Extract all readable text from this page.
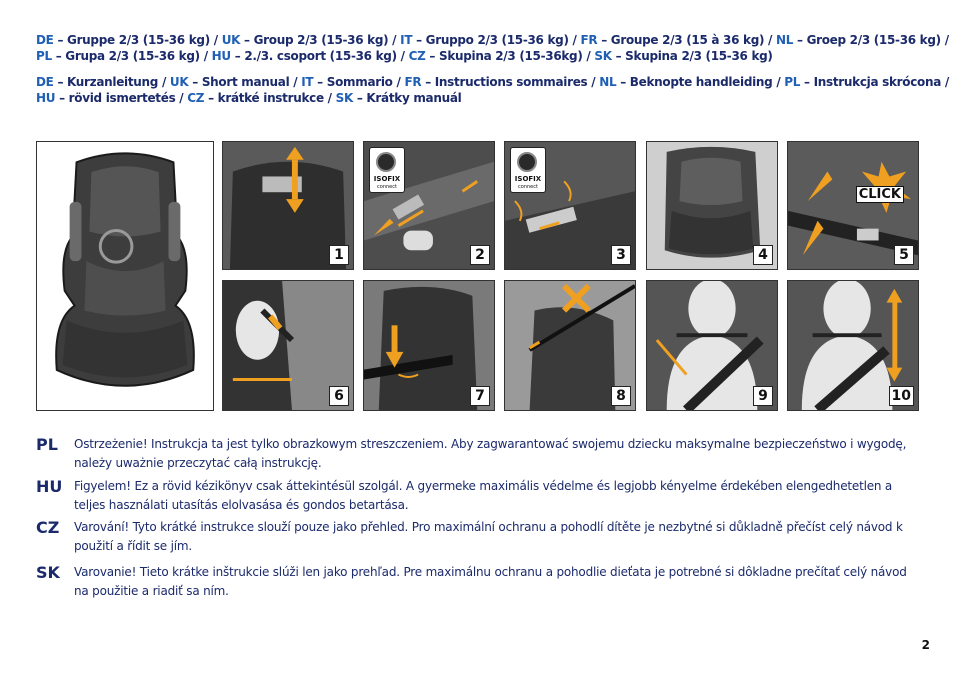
DE – Gruppe 2/3 (15-36 kg) / UK – Group 2/3 (15-36 kg) / IT – Gruppo 2/3 (15-36 kg) / FR – Groupe 2/3 (15 à 36 kg) / NL – Groep 2/3 (15-36 kg) /
PL – Grupa 2/3 (15-36 kg) / HU – 2./3. csoport (15-36 kg) / CZ – Skupina 2/3 (15-36kg) / SK – Skupina 2/3 (15-36 kg)
DE – Kurzanleitung / UK – Short manual / IT – Sommario / FR – Instructions sommaires / NL – Beknopte handleiding / PL – Instrukcja skrócona /
HU – rövid ismertetés / CZ – krátké instrukce / SK – Krátky manuál
1
ISOFIX
connect
2
ISOFIX
connect
3	4
CLICK
5
6	7	8	9	10
PL Ostrzeżenie! Instrukcja ta jest tylko obrazkowym streszczeniem. Aby zagwarantować swojemu dziecku maksymalne bezpieczeństwo i wygodę, należy uważnie przeczytać całą instrukcję.
HU Figyelem! Ez a rövid kézikönyv csak áttekintésül szolgál. A gyermeke maximális védelme és legjobb kényelme érdekében elengedhetetlen a teljes használati utasítás elolvasása és gondos betartása.
CZ Varování! Tyto krátké instrukce slouží pouze jako přehled. Pro maximální ochranu a pohodlí dítěte je nezbytné si důkladně přečíst celý návod k použití a řídit se jím.
SK Varovanie! Tieto krátke inštrukcie slúži len jako prehľad. Pre maximálnu ochranu a pohodlie dieťata je potrebné si dôkladne prečítať celý návod na použitie a riadiť sa ním.
2
